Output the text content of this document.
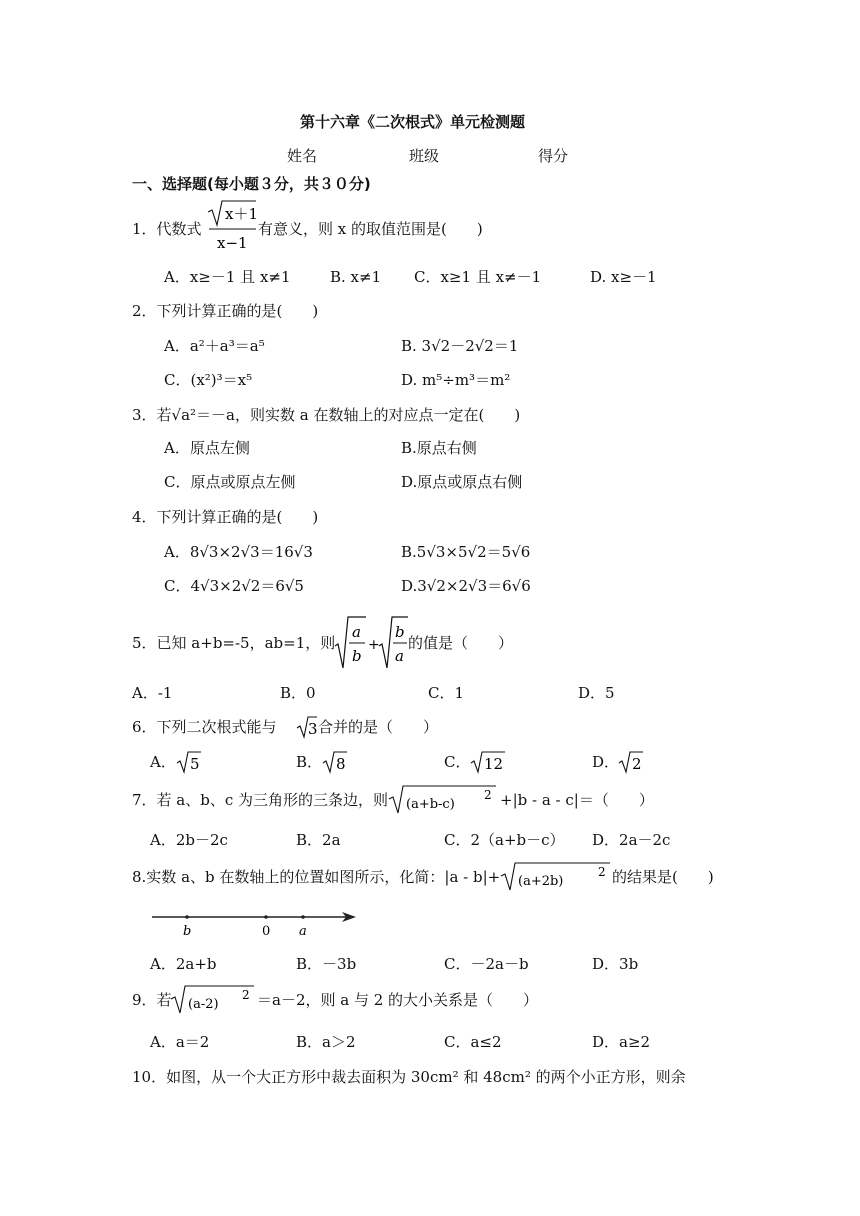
第十六章《二次根式》单元检测题
姓名	班级	得分
一、选择题(每小题３分，共３０分)
1．代数式
x＋1
x−1
有意义，则 x 的取值范围是(　　)
A．x≥－1 且 x≠1	B. x≠1 C．x≥1 且 x≠－1	D. x≥－1
2．下列计算正确的是(　　)
A．a²＋a³＝a⁵	B. 3√2－2√2＝1
C．(x²)³＝x⁵	D. m⁵÷m³＝m²
3．若√a²＝－a，则实数 a 在数轴上的对应点一定在(　　)
A．原点左侧	B.原点右侧
C．原点或原点左侧	D.原点或原点右侧
4．下列计算正确的是(　　)
A．8√3×2√3＝16√3	B.5√3×5√2＝5√6
C．4√3×2√2＝6√5	D.3√2×2√3＝6√6
5．已知 a+b=-5，ab=1，则
a
b
+
b
a
的值是（　　）
A．-1	B．0	C．1	D．5
6．下列二次根式能与 3 合并的是（　　）
A． 5	B． 8	C． 12	D． 2
7．若 a、b、c 为三角形的三条边，则 (a+b-c)
2 +|b - a - c|＝（　　）
A．2b－2c	B．2a	C．2（a+b－c） D．2a－2c
8.实数 a、b 在数轴上的位置如图所示，化简：|a - b|+ (a+2b)
2 的结果是(　　)
b	0 a
A．2a+b	B．－3b	C．－2a－b	D．3b
9．若 (a-2)
2 ＝a－2，则 a 与 2 的大小关系是（　　）
A．a＝2	B．a＞2	C．a≤2	D．a≥2
10．如图，从一个大正方形中裁去面积为 30cm² 和 48cm² 的两个小正方形，则余
